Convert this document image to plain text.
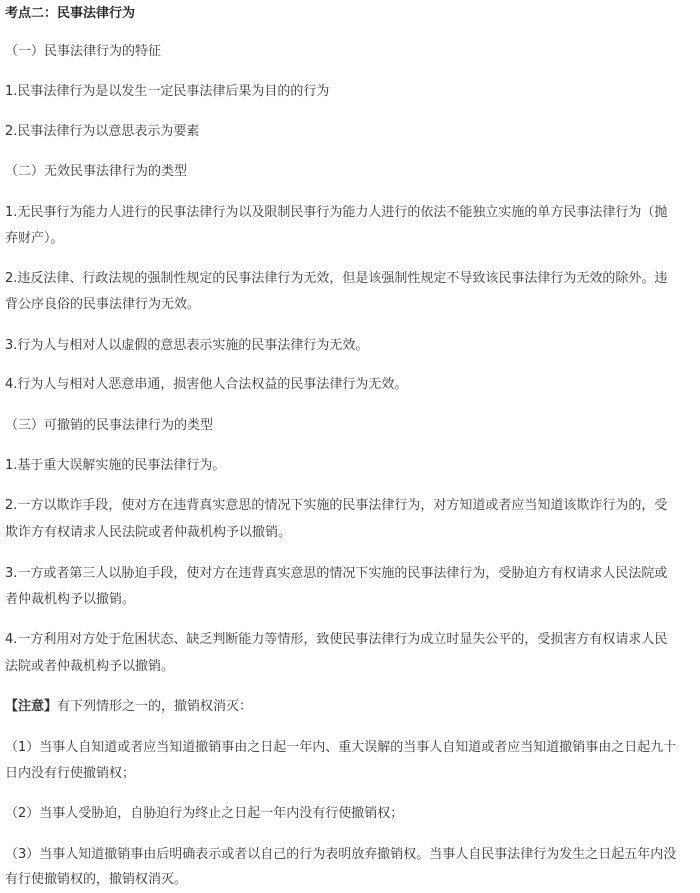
考点二：民事法律行为
（一）民事法律行为的特征
1.民事法律行为是以发生一定民事法律后果为目的的行为
2.民事法律行为以意思表示为要素
（二）无效民事法律行为的类型
1.无民事行为能力人进行的民事法律行为以及限制民事行为能力人进行的依法不能独立实施的单方民事法律行为（抛
弃财产）。
2.违反法律、行政法规的强制性规定的民事法律行为无效，但是该强制性规定不导致该民事法律行为无效的除外。违
背公序良俗的民事法律行为无效。
3.行为人与相对人以虚假的意思表示实施的民事法律行为无效。
4.行为人与相对人恶意串通，损害他人合法权益的民事法律行为无效。
（三）可撤销的民事法律行为的类型
1.基于重大误解实施的民事法律行为。
2.一方以欺诈手段，使对方在违背真实意思的情况下实施的民事法律行为，对方知道或者应当知道该欺诈行为的，受
欺诈方有权请求人民法院或者仲裁机构予以撤销。
3.一方或者第三人以胁迫手段，使对方在违背真实意思的情况下实施的民事法律行为，受胁迫方有权请求人民法院或
者仲裁机构予以撤销。
4.一方利用对方处于危困状态、缺乏判断能力等情形，致使民事法律行为成立时显失公平的，受损害方有权请求人民
法院或者仲裁机构予以撤销。
【注意】有下列情形之一的，撤销权消灭：
（1）当事人自知道或者应当知道撤销事由之日起一年内、重大误解的当事人自知道或者应当知道撤销事由之日起九十
日内没有行使撤销权；
（2）当事人受胁迫，自胁迫行为终止之日起一年内没有行使撤销权；
（3）当事人知道撤销事由后明确表示或者以自己的行为表明放弃撤销权。当事人自民事法律行为发生之日起五年内没
有行使撤销权的，撤销权消灭。
